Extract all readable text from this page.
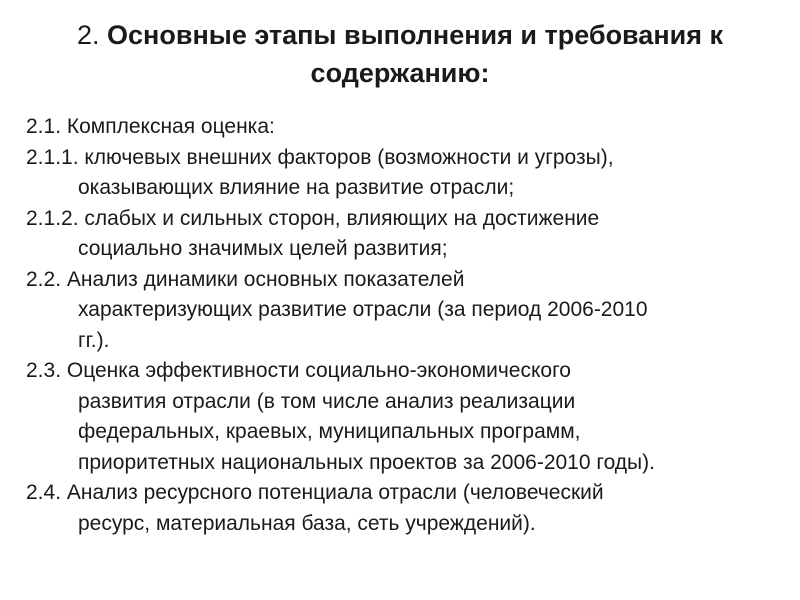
2. Основные этапы выполнения и требования к содержанию:
2.1. Комплексная оценка:
2.1.1. ключевых внешних факторов (возможности и угрозы),
оказывающих влияние на развитие отрасли;
2.1.2. слабых и сильных сторон, влияющих на достижение
социально значимых целей развития;
2.2. Анализ динамики основных показателей
характеризующих развитие отрасли (за период 2006-2010
гг.).
2.3. Оценка эффективности социально-экономического
развития отрасли (в том числе анализ реализации
федеральных, краевых, муниципальных программ,
приоритетных национальных проектов за 2006-2010 годы).
2.4. Анализ ресурсного потенциала отрасли (человеческий
ресурс, материальная база, сеть учреждений).
